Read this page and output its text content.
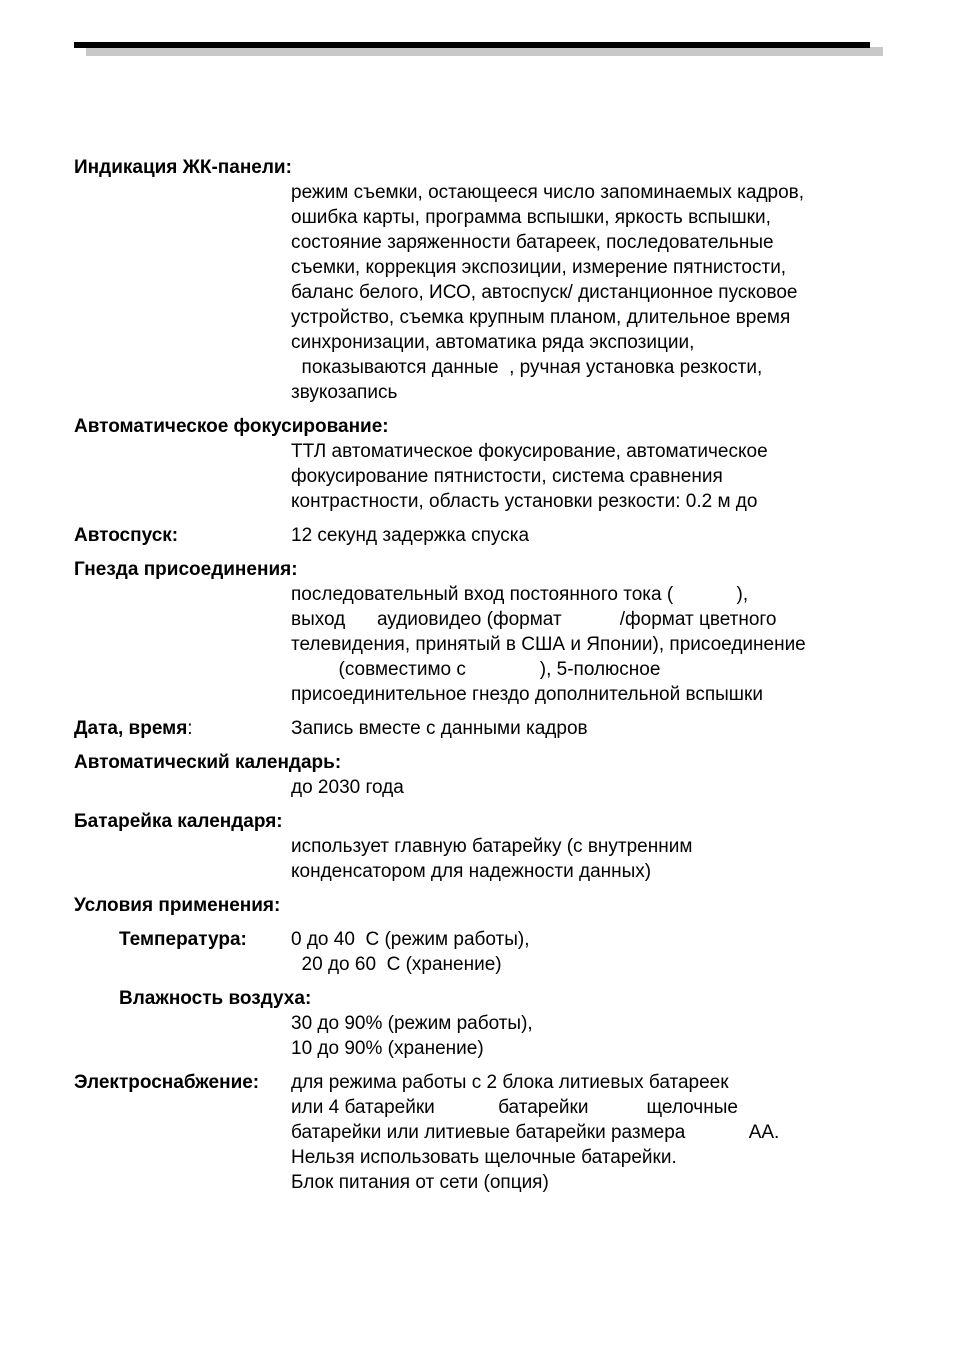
Индикация ЖК-панели:
режим съемки, остающееся число запоминаемых кадров,
ошибка карты, программа вспышки, яркость вспышки,
состояние заряженности батареек, последовательные
съемки, коррекция экспозиции, измерение пятнистости,
баланс белого, ИСО, автоспуск/ дистанционное пусковое
устройство, съемка крупным планом, длительное время
синхронизации, автоматика ряда экспозиции,
показываются данные  , ручная установка резкости,
звукозапись
Автоматическое фокусирование:
ТТЛ автоматическое фокусирование, автоматическое
фокусирование пятнистости, система сравнения
контрастности, область установки резкости: 0.2 м до
Автоспуск:	12 секунд задержка спуска
Гнезда присоединения:
последовательный вход постоянного тока (            ),
выход      аудиовидео (формат           /формат цветного
телевидения, принятый в США и Японии), присоединение
(совместимо с              ), 5-полюсное
присоединительное гнездо дополнительной вспышки
Дата, время:	Запись вместе с данными кадров
Автоматический календарь:
до 2030 года
Батарейка календаря:
использует главную батарейку (с внутренним
конденсатором для надежности данных)
Условия применения:
Температура:	0 до 40  C (режим работы),
20 до 60  C (хранение)
Влажность воздуха:
30 до 90% (режим работы),
10 до 90% (хранение)
Электроснабжение:	для режима работы с 2 блока литиевых батареек
или 4 батарейки            батарейки           щелочные
батарейки или литиевые батарейки размера            АА.
Нельзя использовать щелочные батарейки.
Блок питания от сети (опция)
